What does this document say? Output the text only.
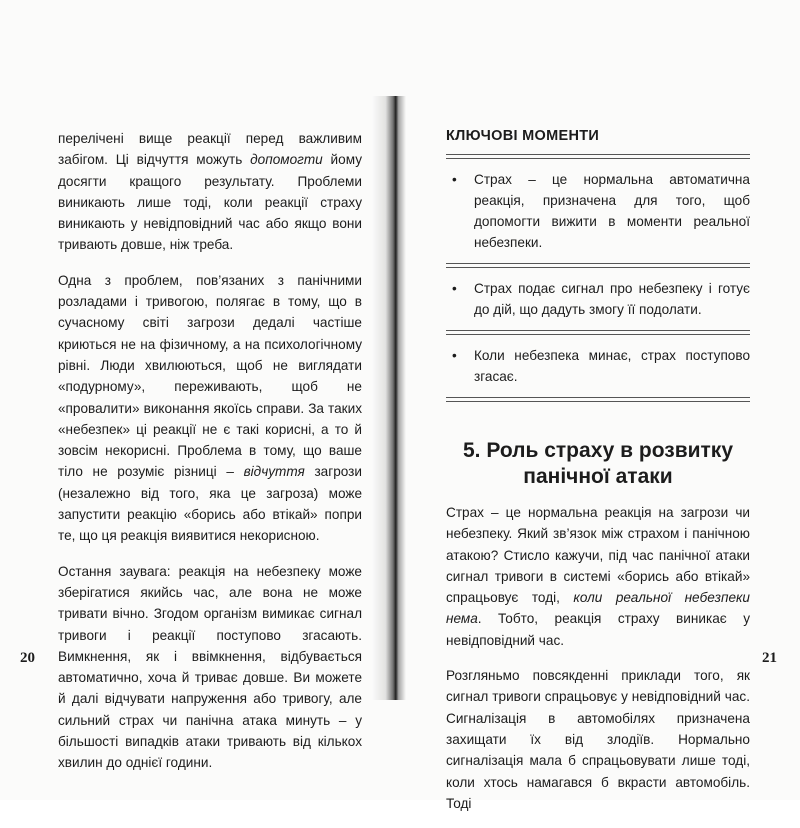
перелічені вище реакції перед важливим забігом. Ці відчуття можуть допомогти йому досягти кращого результату. Проблеми виникають лише тоді, коли реакції страху виникають у невідповідний час або якщо вони тривають довше, ніж треба.

Одна з проблем, пов’язаних з панічними розладами і тривогою, полягає в тому, що в сучасному світі загрози дедалі частіше криються не на фізичному, а на психологічному рівні. Люди хвилюються, щоб не виглядати «подурному», переживають, щоб не «провалити» виконання якоїсь справи. За таких «небезпек» ці реакції не є такі корисні, а то й зовсім некорисні. Проблема в тому, що ваше тіло не розуміє різниці – відчуття загрози (незалежно від того, яка це загроза) може запустити реакцію «борись або втікай» попри те, що ця реакція виявитися некорисною.

Остання заувага: реакція на небезпеку може зберігатися якийсь час, але вона не може тривати вічно. Згодом організм вимикає сигнал тривоги і реакції поступово згасають. Вимкнення, як і ввімкнення, відбувається автоматично, хоча й триває довше. Ви можете й далі відчувати напруження або тривогу, але сильний страх чи панічна атака минуть – у більшості випадків атаки тривають від кількох хвилин до однієї години.

20
КЛЮЧОВІ МОМЕНТИ
•	Страх – це нормальна автоматична реакція, призначена для того, щоб допомогти вижити в моменти реальної небезпеки.
•	Страх подає сигнал про небезпеку і готує до дій, що дадуть змогу її подолати.
•	Коли небезпека минає, страх поступово згасає.
5. Роль страху в розвитку
панічної атаки

Страх – це нормальна реакція на загрози чи небезпеку. Який зв’язок між страхом і панічною атакою? Стисло кажучи, під час панічної атаки сигнал тривоги в системі «борись або втікай» спрацьовує тоді, коли реальної небезпеки нема. Тобто, реакція страху виникає у невідповідний час.

Розгляньмо повсякденні приклади того, як сигнал тривоги спрацьовує у невідповідний час. Сигналізація в автомобілях призначена захищати їх від злодіїв. Нормально сигналізація мала б спрацьовувати лише тоді, коли хтось намагався б вкрасти автомобіль. Тоді

21
